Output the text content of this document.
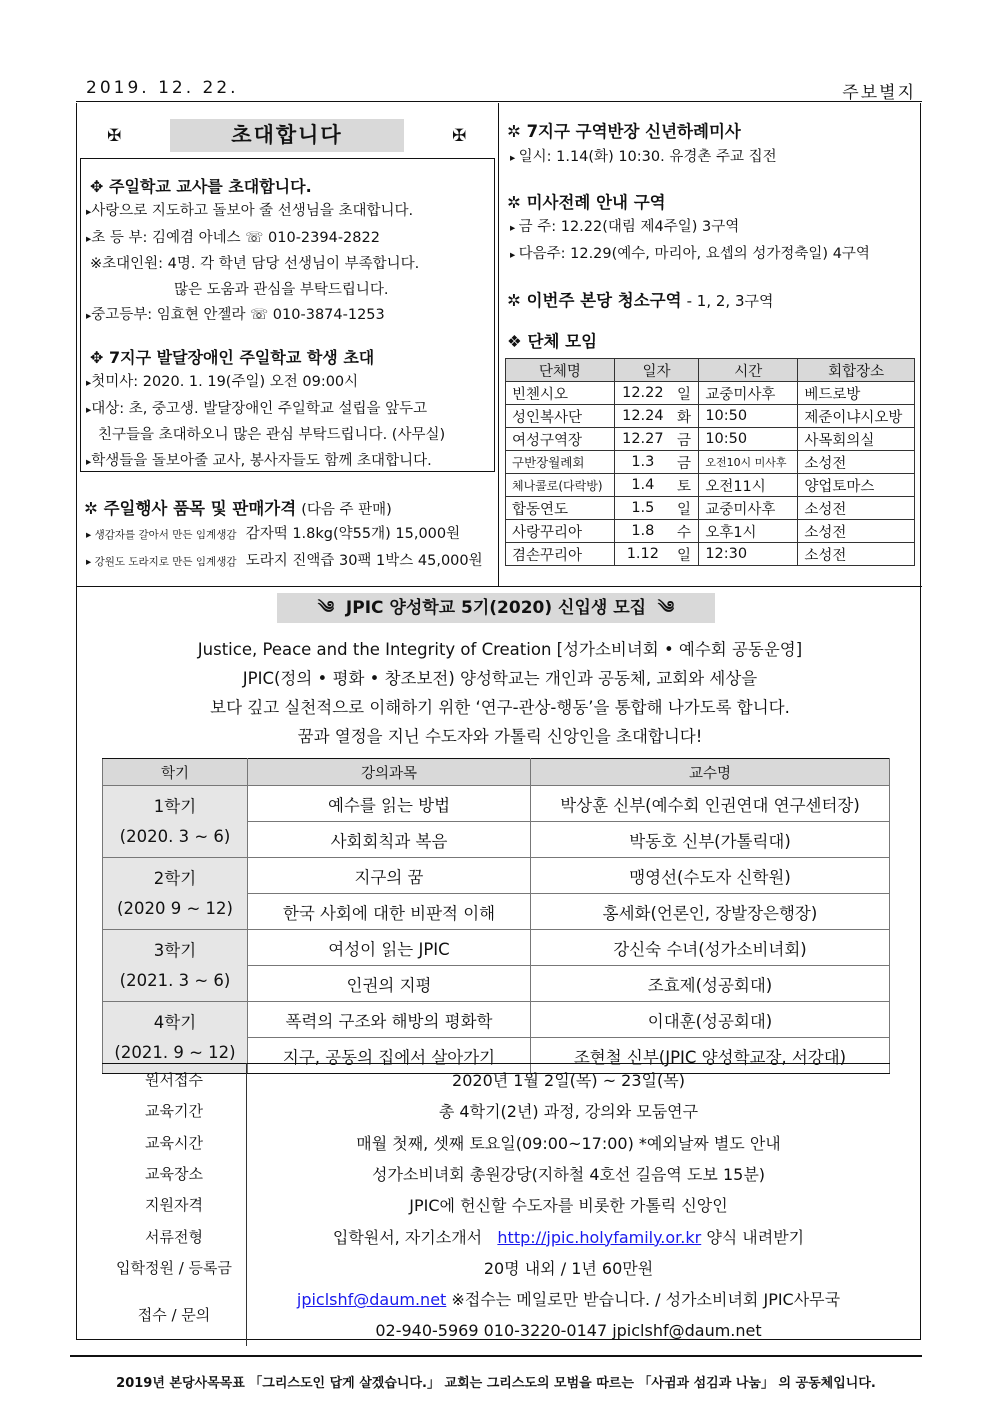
2019. 12. 22.	주보별지
✠	초대합니다	✠
✥ 주일학교 교사를 초대합니다.
▸사랑으로 지도하고 돌보아 줄 선생님을 초대합니다.
▸초 등 부: 김예겸 아네스 ☏ 010-2394-2822
※초대인원: 4명. 각 학년 담당 선생님이 부족합니다.
많은 도움과 관심을 부탁드립니다.
▸중고등부: 임효현 안젤라 ☏ 010-3874-1253
✥ 7지구 발달장애인 주일학교 학생 초대
▸첫미사: 2020. 1. 19(주일) 오전 09:00시
▸대상: 초, 중고생. 발달장애인 주일학교 설립을 앞두고
친구들을 초대하오니 많은 관심 부탁드립니다. (사무실)
▸학생들을 돌보아줄 교사, 봉사자들도 함께 초대합니다.
✲ 주일행사 품목 및 판매가격 (다음 주 판매)
▸ 생감자를 갈아서 만든 임계생감 감자떡 1.8kg(약55개) 15,000원
▸ 강원도 도라지로 만든 임계생감 도라지 진액즙 30팩 1박스 45,000원
✲ 7지구 구역반장 신년하례미사
▸ 일시: 1.14(화) 10:30. 유경촌 주교 집전
✲ 미사전례 안내 구역
▸ 금 주: 12.22(대림 제4주일) 3구역
▸ 다음주: 12.29(예수, 마리아, 요셉의 성가정축일) 4구역
✲ 이번주 본당 청소구역 - 1, 2, 3구역
❖ 단체 모임
단체명	일자		시간	회합장소
빈첸시오	12.22	일	교중미사후	베드로방
성인복사단	12.24	화	10:50	제준이냐시오방
여성구역장	12.27	금	10:50	사목회의실
구반장월례회	1.3	금	오전10시 미사후	소성전
체나콜로(다락방)	1.4	토	오전11시	양업토마스
합동연도	1.5	일	교중미사후	소성전
사랑꾸리아	1.8	수	오후1시	소성전
겸손꾸리아	1.12	일	12:30	소성전
༄ JPIC 양성학교 5기(2020) 신입생 모집 ༄
Justice, Peace and the Integrity of Creation [성가소비녀회 • 예수회 공동운영]
JPIC(정의 • 평화 • 창조보전) 양성학교는 개인과 공동체, 교회와 세상을
보다 깊고 실천적으로 이해하기 위한 ‘연구-관상-행동’을 통합해 나가도록 합니다.
꿈과 열정을 지닌 수도자와 가톨릭 신앙인을 초대합니다!
학기	강의과목	교수명

1학기
(2020. 3 ~ 6)	예수를 읽는 방법	박상훈 신부(예수회 인권연대 연구센터장)
	사회회칙과 복음	박동호 신부(가톨릭대)

2학기
(2020 9 ~ 12)	지구의 꿈	맹영선(수도자 신학원)
	한국 사회에 대한 비판적 이해	홍세화(언론인, 장발장은행장)

3학기
(2021. 3 ~ 6)	여성이 읽는 JPIC	강신숙 수녀(성가소비녀회)
	인권의 지평	조효제(성공회대)

4학기
(2021. 9 ~ 12)	폭력의 구조와 해방의 평화학	이대훈(성공회대)
	지구, 공동의 집에서 살아가기	조현철 신부(JPIC 양성학교장, 서강대)
원서접수	2020년 1월 2일(목) ~ 23일(목)
교육기간	총 4학기(2년) 과정, 강의와 모둠연구
교육시간	매월 첫째, 셋째 토요일(09:00~17:00) *예외날짜 별도 안내
교육장소	성가소비녀회 총원강당(지하철 4호선 길음역 도보 15분)
지원자격	JPIC에 헌신할 수도자를 비롯한 가톨릭 신앙인
서류전형	입학원서, 자기소개서 http://jpic.holyfamily.or.kr 양식 내려받기
입학정원 / 등록금	20명 내외 / 1년 60만원
접수 / 문의	jpiclshf@daum.net ※접수는 메일로만 받습니다. / 성가소비녀회 JPIC사무국
	02-940-5969 010-3220-0147 jpiclshf@daum.net
2019년 본당사목목표 「그리스도인 답게 살겠습니다.」 교회는 그리스도의 모범을 따르는 「사귐과 섬김과 나눔」 의 공동체입니다.
